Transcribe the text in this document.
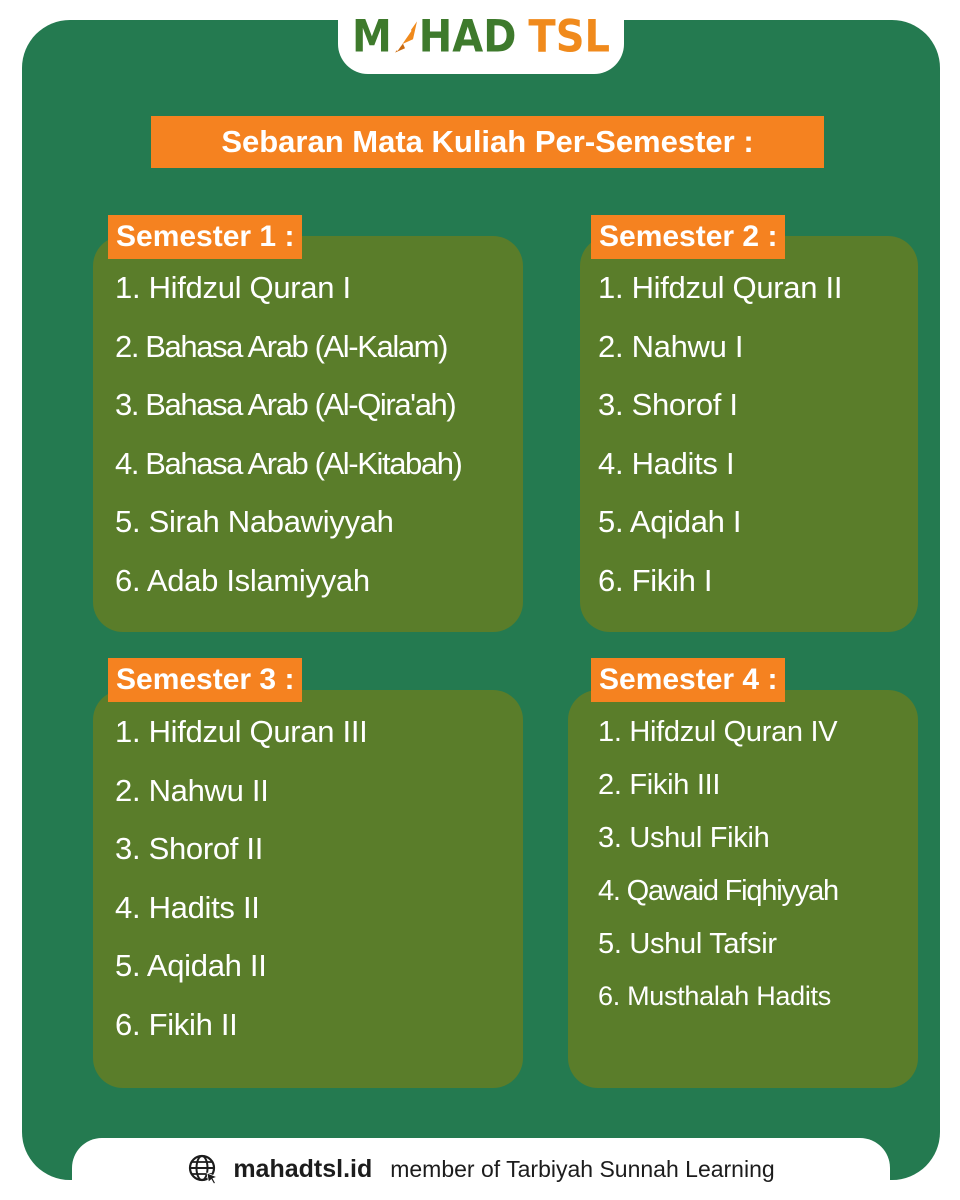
M HAD TSL
Sebaran Mata Kuliah Per-Semester :
Semester 1 :
1. Hifdzul Quran I
2. Bahasa Arab (Al-Kalam)
3. Bahasa Arab (Al-Qira'ah)
4. Bahasa Arab (Al-Kitabah)
5. Sirah Nabawiyyah
6. Adab Islamiyyah
Semester 2 :
1. Hifdzul Quran II
2. Nahwu I
3. Shorof I
4. Hadits I
5. Aqidah I
6. Fikih I
Semester 3 :
1. Hifdzul Quran III
2. Nahwu II
3. Shorof II
4. Hadits II
5. Aqidah II
6. Fikih II
Semester 4 :
1. Hifdzul Quran IV
2. Fikih III
3. Ushul Fikih
4. Qawaid Fiqhiyyah
5. Ushul Tafsir
6. Musthalah Hadits
mahadtsl.id member of Tarbiyah Sunnah Learning
